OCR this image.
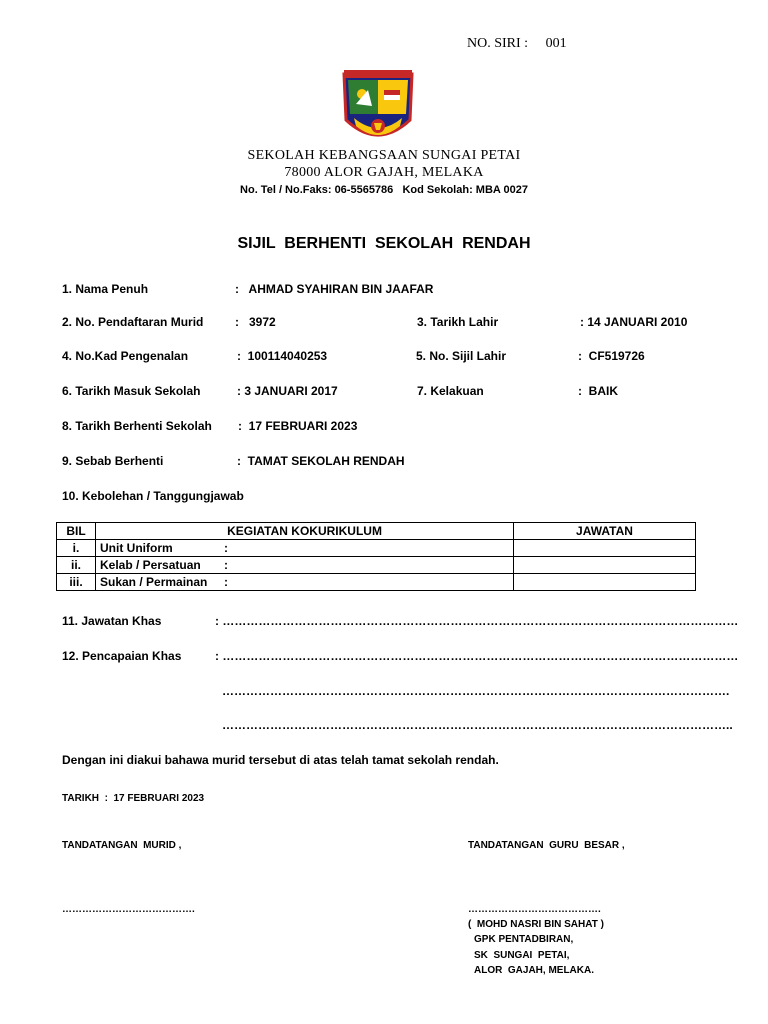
NO. SIRI : 001
SEKOLAH KEBANGSAAN SUNGAI PETAI
78000 ALOR GAJAH, MELAKA
No. Tel / No.Faks: 06-5565786   Kod Sekolah: MBA 0027
SIJIL  BERHENTI  SEKOLAH  RENDAH
1. Nama Penuh	:   AHMAD SYAHIRAN BIN JAAFAR
2. No. Pendaftaran Murid	:   3972	3. Tarikh Lahir	: 14 JANUARI 2010
4. No.Kad Pengenalan	:  100114040253	5. No. Sijil Lahir	:  CF519726
6. Tarikh Masuk Sekolah	: 3 JANUARI 2017	7. Kelakuan	:  BAIK
8. Tarikh Berhenti Sekolah :  17 FEBRUARI 2023
9. Sebab Berhenti	:  TAMAT SEKOLAH RENDAH
10. Kebolehan / Tanggungjawab
BIL	KEGIATAN KOKURIKULUM	JAWATAN
i.	Unit Uniform :	
ii.	Kelab / Persatuan :	
iii.	Sukan / Permainan :	
11. Jawatan Khas	: …………………………………………………………………………………………………………………
12. Pencapaian Khas	: …………………………………………………………………………………………………………………
……………………………………………………………………………………………………………….
………………………………………………………………………………………………………………..
Dengan ini diakui bahawa murid tersebut di atas telah tamat sekolah rendah.
TARIKH  :  17 FEBRUARI 2023
TANDATANGAN  MURID ,	TANDATANGAN  GURU  BESAR ,
………………………………….	………………………………….
(  MOHD NASRI BIN SAHAT )
GPK PENTADBIRAN,
SK  SUNGAI  PETAI,
ALOR  GAJAH, MELAKA.
